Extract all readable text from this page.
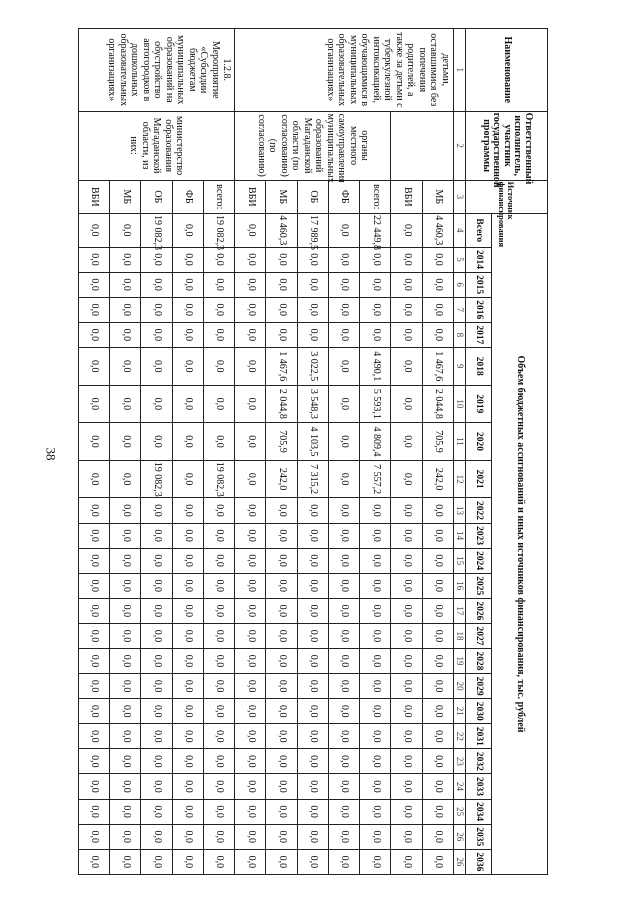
38
Наименование	Ответственный исполнитель, участник государственной программы	Источник финансирования	Объем бюджетных ассигнований и иных источников финансирования, тыс. рублей																							
			Всего	2014	2015	2016	2017	2018	2019	2020	2021	2022	2023	2024	2025	2026	2027	2028	2029	2030	2031	2032	2033	2034	2035	2036
1	2	3	4	5	6	7	8	9	10	11	12	13	14	15	16	17	18	19	20	21	22	23	24	25	26	26
детьми, оставшимися без попечения родителей, а также за детьми с туберкулезной интоксикацией, обучающимися в муниципальных образовательных организациях»		МБ	4 460,3	0,0	0,0	0,0	0,0	1 467,6	2 044,8	705,9	242,0	0,0	0,0	0,0	0,0	0,0	0,0	0,0	0,0	0,0	0,0	0,0	0,0	0,0	0,0	0,0
		ВБИ	0,0	0,0	0,0	0,0	0,0	0,0	0,0	0,0	0,0	0,0	0,0	0,0	0,0	0,0	0,0	0,0	0,0	0,0	0,0	0,0	0,0	0,0	0,0	0,0
	органы местного самоуправления муниципальных образований Магаданской области (по согласованию) (по согласованию)	всего:	22 449,8	0,0	0,0	0,0	0,0	4 490,1	5 593,1	4 809,4	7 557,2	0,0	0,0	0,0	0,0	0,0	0,0	0,0	0,0	0,0	0,0	0,0	0,0	0,0	0,0	0,0
		ФБ	0,0	0,0	0,0	0,0	0,0	0,0	0,0	0,0	0,0	0,0	0,0	0,0	0,0	0,0	0,0	0,0	0,0	0,0	0,0	0,0	0,0	0,0	0,0	0,0
		ОБ	17 989,5	0,0	0,0	0,0	0,0	3 022,5	3 548,3	4 103,5	7 315,2	0,0	0,0	0,0	0,0	0,0	0,0	0,0	0,0	0,0	0,0	0,0	0,0	0,0	0,0	0,0
		МБ	4 460,3	0,0	0,0	0,0	0,0	1 467,6	2 044,8	705,9	242,0	0,0	0,0	0,0	0,0	0,0	0,0	0,0	0,0	0,0	0,0	0,0	0,0	0,0	0,0	0,0
		ВБИ	0,0	0,0	0,0	0,0	0,0	0,0	0,0	0,0	0,0	0,0	0,0	0,0	0,0	0,0	0,0	0,0	0,0	0,0	0,0	0,0	0,0	0,0	0,0	0,0
1.2.8. Мероприятие «Субсидии бюджетам муниципальных образований на обустройство автогородков в дошкольных образовательных организациях»	министерство образования Магаданской области, из них:	всего:	19 082,3	0,0	0,0	0,0	0,0	0,0	0,0	0,0	19 082,3	0,0	0,0	0,0	0,0	0,0	0,0	0,0	0,0	0,0	0,0	0,0	0,0	0,0	0,0	0,0
		ФБ	0,0	0,0	0,0	0,0	0,0	0,0	0,0	0,0	0,0	0,0	0,0	0,0	0,0	0,0	0,0	0,0	0,0	0,0	0,0	0,0	0,0	0,0	0,0	0,0
		ОБ	19 082,3	0,0	0,0	0,0	0,0	0,0	0,0	0,0	19 082,3	0,0	0,0	0,0	0,0	0,0	0,0	0,0	0,0	0,0	0,0	0,0	0,0	0,0	0,0	0,0
		МБ	0,0	0,0	0,0	0,0	0,0	0,0	0,0	0,0	0,0	0,0	0,0	0,0	0,0	0,0	0,0	0,0	0,0	0,0	0,0	0,0	0,0	0,0	0,0	0,0
		ВБИ	0,0	0,0	0,0	0,0	0,0	0,0	0,0	0,0	0,0	0,0	0,0	0,0	0,0	0,0	0,0	0,0	0,0	0,0	0,0	0,0	0,0	0,0	0,0	0,0
